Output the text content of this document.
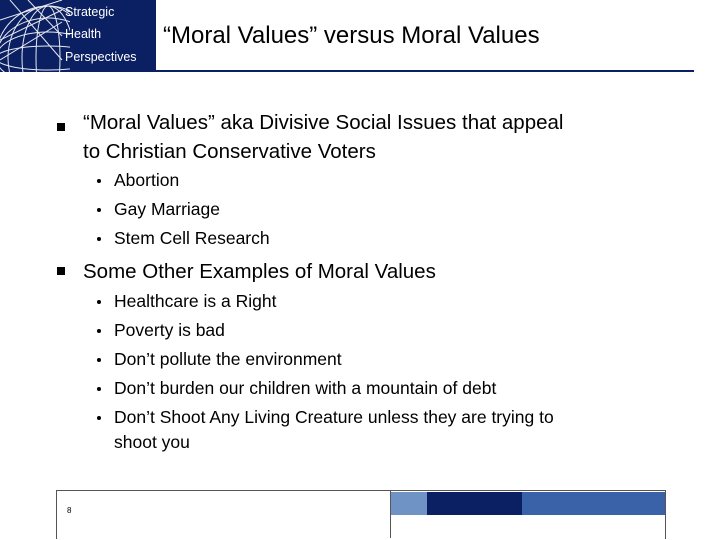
Strategic
Health
Perspectives
“Moral Values” versus Moral Values
“Moral Values” aka Divisive Social Issues that appeal
to Christian Conservative Voters
Abortion
Gay Marriage
Stem Cell Research
Some Other Examples of Moral Values
Healthcare is a Right
Poverty is bad
Don’t pollute the environment
Don’t burden our children with a mountain of debt
Don’t Shoot Any Living Creature unless they are trying to
shoot you
8
